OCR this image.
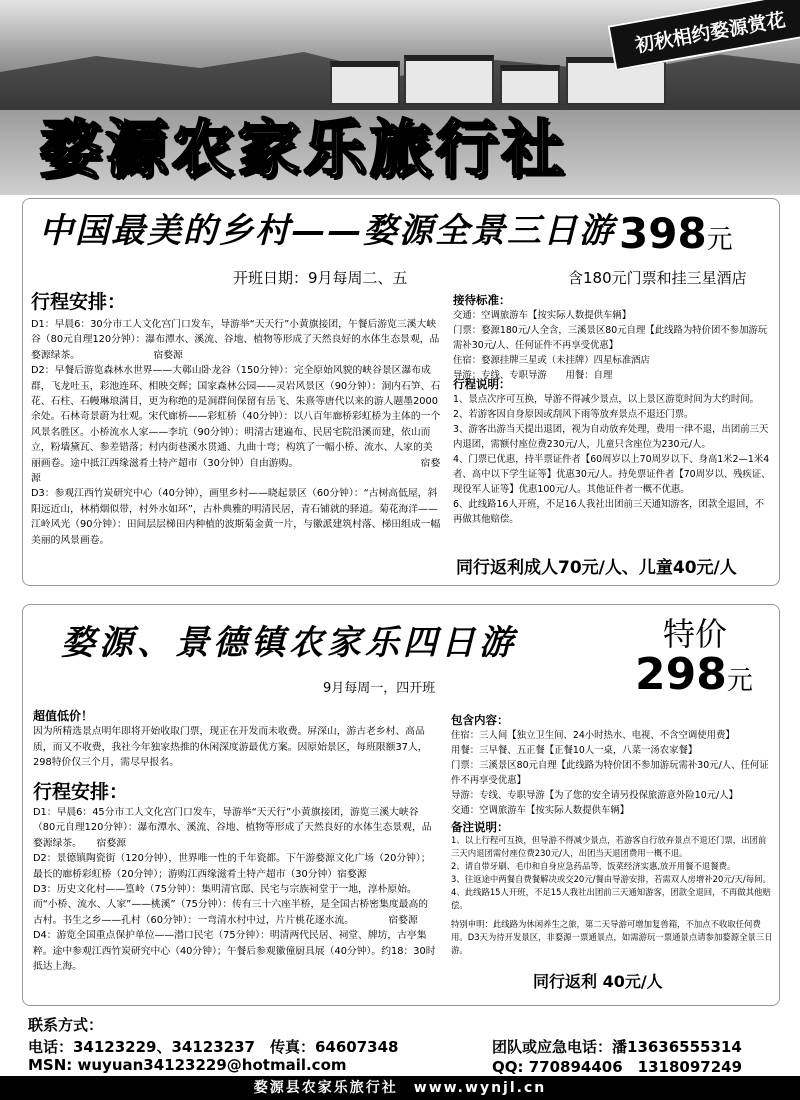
初秋相约婺源赏花
婺源农家乐旅行社
中国最美的乡村——婺源全景三日游 398元
开班日期：9月每周二、五	含180元门票和挂三星酒店
行程安排：

D1：早晨6：30分市工人文化宫门口发车，导游举“天天行”小黄旗接团，午餐后游览三溪大峡谷（80元自理120分钟）：瀑布潭水、溪流、谷地、植物等形成了天然良好的水体生态景观，品婺源绿茶。　　　　　　　　宿婺源

D2：早餐后游览森林水世界——大鄣山卧龙谷（150分钟）：完全原始风貌的峡谷景区瀑布成群，飞龙吐玉，彩池连环、相映交辉；国家森林公园——灵岩风景区（90分钟）：洞内石笋、石花、石柱、石幔琳琅满目，更为称绝的是洞群间保留有岳飞、朱熹等唐代以来的游人题墨2000余处。石林奇景蔚为壮观。宋代廊桥——彩虹桥（40分钟）：以八百年廊桥彩虹桥为主体的一个风景名胜区。小桥流水人家——李坑（90分钟）：明清古建遍布、民居宅院沿溪而建，依山而立，粉墙黛瓦、参差错落；村内街巷溪水贯通、九曲十弯；构筑了一幅小桥、流水、人家的美丽画卷。途中抵江西缘滋肴土特产超市（30分钟）自由游购。　　　　　　　　　　　　　宿婺源

D3：参观江西竹炭研究中心（40分钟），画里乡村——晓起景区（60分钟）：“古树高低屋，斜阳远近山，林梢烟似带，村外水如环”，古朴典雅的明清民居，青石铺就的驿道。菊花海洋——江岭风光（90分钟）：田间层层梯田内种植的波斯菊金黄一片，与徽派建筑村落、梯田组成一幅美丽的风景画卷。

接待标准：

交通：空调旅游车【按实际人数提供车辆】

门票：婺源180元/人全含，三溪景区80元自理【此线路为特价团不参加游玩需补30元/人、任何证件不再享受优惠】

住宿：婺源挂牌三星或（未挂牌）四星标准酒店

导游：专线、专职导游　　用餐：自理

行程说明：

1、景点次序可互换，导游不得减少景点，以上景区游览时间为大约时间。

2、若游客因自身原因或刮风下雨等放弃景点不退还门票。

3、游客出游当天提出退团，视为自动放弃处理，费用一律不退，出团前三天内退团，需额付座位费230元/人，儿童只含座位为230元/人。

4、门票已优惠，持半票证件者【60周岁以上70周岁以下、身高1米2—1米4者、高中以下学生证等】优惠30元/人。持免票证件者【70周岁以、残疾证、现役军人证等】优惠100元/人。其他证件者一概不优惠。

6、此线路16人开班，不足16人我社出团前三天通知游客，团款全退回，不再做其他赔偿。

同行返利成人70元/人、儿童40元/人
婺源、景德镇农家乐四日游	特价
298元
9月每周一，四开班

超值低价！

因为所精选景点明年即将开始收取门票，现正在开发而未收费。屏深山，游古老乡村、高品质，而又不收费，我社今年独家热推的休闲深度游最优方案。因原始景区，每班限额37人，298特价仅三个月，需尽早报名。

行程安排：

D1：早晨6：45分市工人文化宫门口发车，导游举“天天行”小黄旗接团，游览三溪大峡谷（80元自理120分钟）：瀑布潭水、溪流、谷地、植物等形成了天然良好的水体生态景观，品婺源绿茶。　　宿婺源

D2：景德镇陶瓷街（120分钟），世界唯一性的千年瓷都。下午游婺源文化广场（20分钟）；最长的廊桥彩虹桥（20分钟）；游购江西缘滋肴土特产超市（30分钟）宿婺源

D3：历史文化村——篁岭（75分钟）：集明清官邸、民宅与宗族祠堂于一地，淳朴原始。而“小桥、流水、人家”——桃溪”（75分钟）：传有三十六座半桥，是全国古桥密集度最高的古村。书生之乡——孔村（60分钟）：一弯清水村中过，片片桃花逐水流。　　　　宿婺源

D4：游览全国重点保护单位——潜口民宅（75分钟）：明清两代民居、祠堂、牌坊，古亭集粹。途中参观江西竹炭研究中心（40分钟）；午餐后参观徽僮厨具展（40分钟）。约18：30时抵达上海。

包含内容：

住宿：三人间【独立卫生间、24小时热水、电视、不含空调使用费】

用餐：三早餐、五正餐【正餐10人一桌，八菜一汤农家餐】

门票：三溪景区80元自理【此线路为特价团不参加游玩需补30元/人、任何证件不再享受优惠】

导游：专线、专职导游【为了您的安全请另投保旅游意外险10元/人】

交通：空调旅游车【按实际人数提供车辆】

备注说明：

1、以上行程可互换，但导游不得减少景点，若游客自行放弃景点不退还门票，出团前三天内退团需付座位费230元/人，出团当天退团费用一概不退。

2、请自带牙刷、毛巾和自身应急药品等，饭菜经济实惠,放开用餐不退餐费。

3、往返途中两餐自费餐解决或交20元/餐由导游安排，若需双人房增补20元/天/每间。

4、此线路15人开班，不足15人我社出团前三天通知游客，团款全退回，不再做其他赔偿。

特别申明：此线路为休闲养生之旅，第二天导游可增加复兽箱，不加点不收取任何费用。D3天为待开发景区，非婺源一票通景点，如需游玩一票通景点请参加婺源全景三日游。

同行返利 40元/人
联系方式：
电话：34123229、34123237　传真：64607348
MSN: wuyuan34123229@hotmail.com
团队或应急电话：潘13636555314
QQ: 770894406　1318097249
婺源县农家乐旅行社　www.wynjl.cn
